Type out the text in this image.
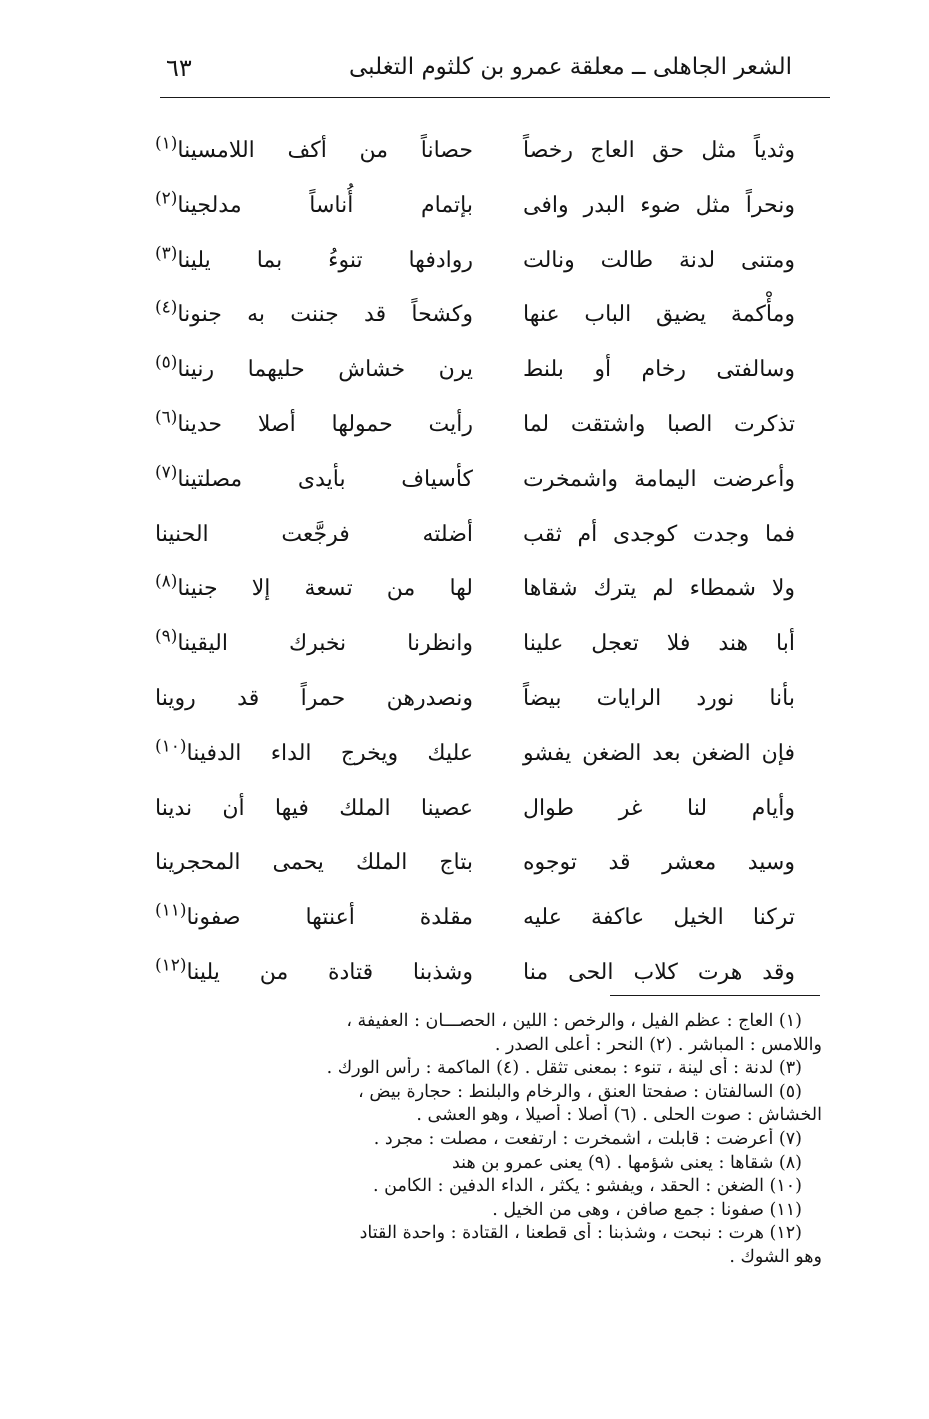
الشعر الجاهلى ــ معلقة عمرو بن كلثوم التغلبى
٦٣
وثدياً مثل حق العاج رخصاً
حصاناً من أكف اللامسينا$^{(١)}$
ونحراً مثل ضوء البدر وافى
بإتمام أُناساً مدلجينا$^{(٢)}$
ومتنى لدنة طالت ونالت
روادفها تنوءُ بما يلينا$^{(٣)}$
ومأْكمة يضيق الباب عنها
وكشحاً قد جننت به جنونا$^{(٤)}$
وسالفتى رخام أو بلنط
يرن خشاش حليهما رنينا$^{(٥)}$
تذكرت الصبا واشتقت لما
رأيت حمولها أصلا حدينا$^{(٦)}$
وأعرضت اليمامة واشمخرت
كأسياف بأيدى مصلتينا$^{(٧)}$
فما وجدت كوجدى أم ثقب
أضلته فرجَّعت الحنينا
ولا شمطاء لم يترك شقاها
لها من تسعة إلا جنينا$^{(٨)}$
أبا هند فلا تعجل علينا
وانظرنا نخبرك اليقينا$^{(٩)}$
بأنا نورد الرايات بيضاً
ونصدرهن حمراً قد روينا
فإن الضغن بعد الضغن يفشو
عليك ويخرج الداء الدفينا$^{(١٠)}$
وأيام لنا غر طوال
عصينا الملك فيها أن ندينا
وسيد معشر قد توجوه
بتاج الملك يحمى المحجرينا
تركنا الخيل عاكفة عليه
مقلدة أعنتها صفونا$^{(١١)}$
وقد هرت كلاب الحى منا
وشذبنا قتادة من يلينا$^{(١٢)}$
(١) العاج : عظم الفيل ، والرخص : اللين ، الحصـــان : العفيفة ،
واللامس : المباشر . (٢) النحر : أعلى الصدر .
(٣) لدنة : أى لينة ، تنوء : بمعنى تثقل . (٤) الماكمة : رأس الورك .
(٥) السالفتان : صفحتا العنق ، والرخام والبلنط : حجارة بيض ،
الخشاش : صوت الحلى . (٦) أصلا : أصيلا ، وهو العشى .
(٧) أعرضت : قابلت ، اشمخرت : ارتفعت ، مصلت : مجرد .
(٨) شقاها : يعنى شؤمها . (٩) يعنى عمرو بن هند
(١٠) الضغن : الحقد ، ويفشو : يكثر ، الداء الدفين : الكامن .
(١١) صفونا : جمع صافن ، وهى من الخيل .
(١٢) هرت : نبحت ، وشذبنا : أى قطعنا ، القتادة : واحدة القتاد
وهو الشوك .
